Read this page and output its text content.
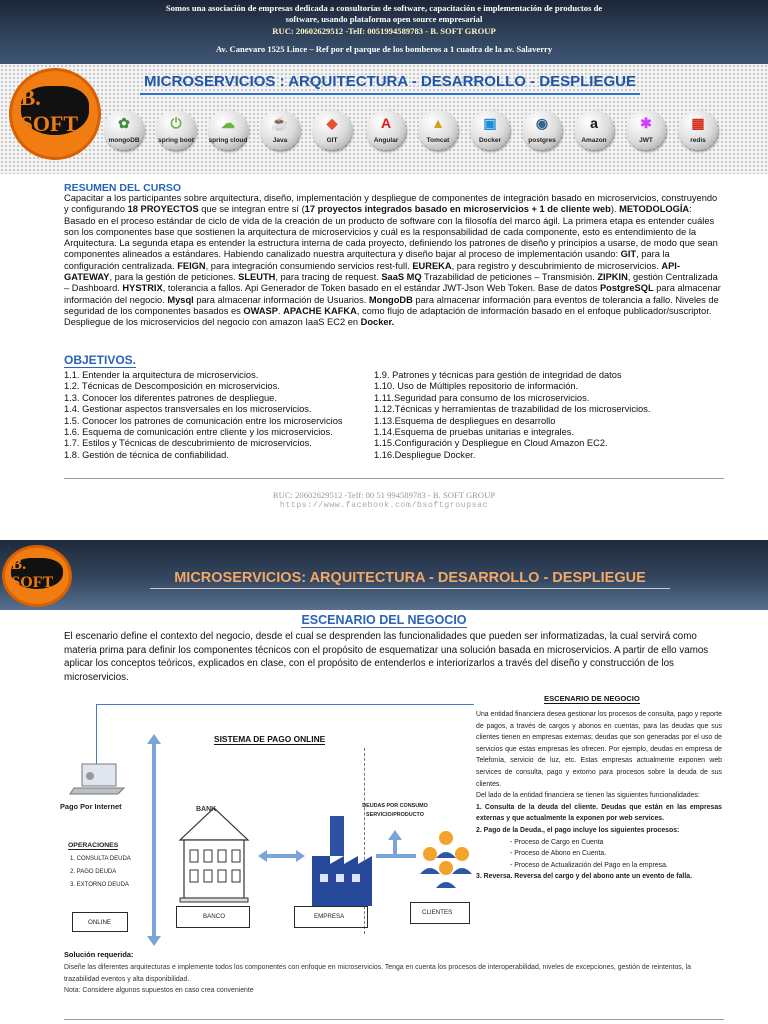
Somos una asociación de empresas dedicada a consultorías de software, capacitación e implementación de productos de software, usando plataforma open source empresarial
RUC: 20602629512 -Telf: 0051994589783 - B. SOFT GROUP
Av. Canevaro 1525 Lince – Ref por el parque de los bomberos a 1 cuadra de la av. Salaverry
B. SOFT
MICROSERVICIOS : ARQUITECTURA - DESARROLLO - DESPLIEGUE
✿
mongoDB
⏻
spring boot
☁
spring cloud
☕
Java
◆
GIT
A
Angular
▲
Tomcat
▣
Docker
◉
postgres
a
Amazon
✱
JWT
▦
redis
RESUMEN DEL CURSO
Capacitar a los participantes sobre arquitectura, diseño, implementación y despliegue de componentes de integración basado en microservicios, construyendo y configurando 18 PROYECTOS que se integran entre sí (17 proyectos integrados basado en microservicios + 1 de cliente web). METODOLOGÍA: Basado en el proceso estándar de ciclo de vida de la creación de un producto de software con la filosofía del marco ágil. La primera etapa es entender cuáles son los componentes base que sostienen la arquitectura de microservicios y cuál es la responsabilidad de cada componente, esto es entendimiento de la Arquitectura. La segunda etapa es entender la estructura interna de cada proyecto, definiendo los patrones de diseño y principios a usarse, de modo que sean componentes alineados a estándares. Habiendo canalizado nuestra arquitectura y diseño bajar al proceso de implementación usando: GIT, para la configuración centralizada. FEIGN, para integración consumiendo servicios rest-full. EUREKA, para registro y descubrimiento de microservicios. API-GATEWAY, para la gestión de peticiones. SLEUTH, para tracing de request. SaaS MQ Trazabilidad de peticiones – Transmisión. ZIPKIN, gestión Centralizada – Dashboard. HYSTRIX, tolerancia a fallos. Api Generador de Token basado en el estándar JWT-Json Web Token. Base de datos PostgreSQL para almacenar información del negocio. Mysql para almacenar información de Usuarios. MongoDB para almacenar información para eventos de tolerancia a fallo. Niveles de seguridad de los componentes basados es OWASP. APACHE KAFKA, como flujo de adaptación de información basado en el enfoque publicador/suscriptor. Despliegue de los microservicios del negocio con amazon IaaS EC2 en Docker.
OBJETIVOS.
1.1. Entender la arquitectura de microservicios.
1.2. Técnicas de Descomposición en microservicios.
1.3. Conocer los diferentes patrones de despliegue.
1.4. Gestionar aspectos transversales en los microservicios.
1.5. Conocer los patrones de comunicación entre los microservicios
1.6. Esquema de comunicación entre cliente y los microservicios.
1.7. Estilos y Técnicas de descubrimiento de microservicios.
1.8. Gestión de técnica de confiabilidad.
1.9. Patrones y técnicas para gestión de integridad de datos
1.10. Uso de Múltiples repositorio de información.
1.11.Seguridad para consumo de los microservicios.
1.12.Técnicas y herramientas de trazabilidad de los microservicios.
1.13.Esquema de despliegues en desarrollo
1.14.Esquema de pruebas unitarias e integrales.
1.15.Configuración y Despliegue en Cloud Amazon EC2.
1.16.Despliegue Docker.
RUC: 20602629512 -Telf: 00 51 994589783 - B. SOFT GROUP
https://www.facebook.com/bsoftgroupsac
B. SOFT	MICROSERVICIOS: ARQUITECTURA - DESARROLLO - DESPLIEGUE
ESCENARIO DEL NEGOCIO
El escenario define el contexto del negocio, desde el cual se desprenden las funcionalidades que pueden ser informatizadas, la cual servirá como materia prima para definir los componentes técnicos con el propósito de esquematizar una solución basada en microservicios. A partir de ello vamos aplicar los conceptos teóricos, explicados en clase, con el propósito de entenderlos e interiorizarlos a través del diseño y construcción de los microservicios.
SISTEMA DE PAGO ONLINE
Pago Por Internet
OPERACIONES
1. CONSULTA DEUDA
2. PAGO DEUDA
3. EXTORNO DEUDA
ONLINE
BANK
BANCO
DEUDAS POR CONSUMO SERVICIO/PRODUCTO
EMPRESA
CLIENTES
ESCENARIO DE NEGOCIO
Una entidad financiera desea gestionar los procesos de consulta, pago y reporte de pagos, a través de cargos y abonos en cuentas, para las deudas que sus clientes tienen en empresas externas; deudas que son generadas por el uso de servicios que estas empresas les ofrecen. Por ejemplo, deudas en empresa de Telefonía, servicio de luz, etc. Estas empresas actualmente exponen web services de consulta, pago y extorno para procesos sobre la deuda de sus clientes.
Del lado de la entidad financiera se tienen las siguientes funcionalidades:
1. Consulta de la deuda del cliente. Deudas que están en las empresas externas y que actualmente la exponen por web services.
2. Pago de la Deuda., el pago incluye los siguientes procesos:
- Proceso de Cargo en Cuenta
- Proceso de Abono en Cuenta.
- Proceso de Actualización del Pago en la empresa.
3. Reversa. Reversa del cargo y del abono ante un evento de falla.
Solución requerida:
Diseñe las diferentes arquitecturas e implemente todos los componentes con enfoque en microservicios. Tenga en cuenta los procesos de interoperabilidad, niveles de excepciones, gestión de reintentos, la trazabilidad eventos y alta disponibilidad.
Nota: Considere algunos supuestos en caso crea conveniente
